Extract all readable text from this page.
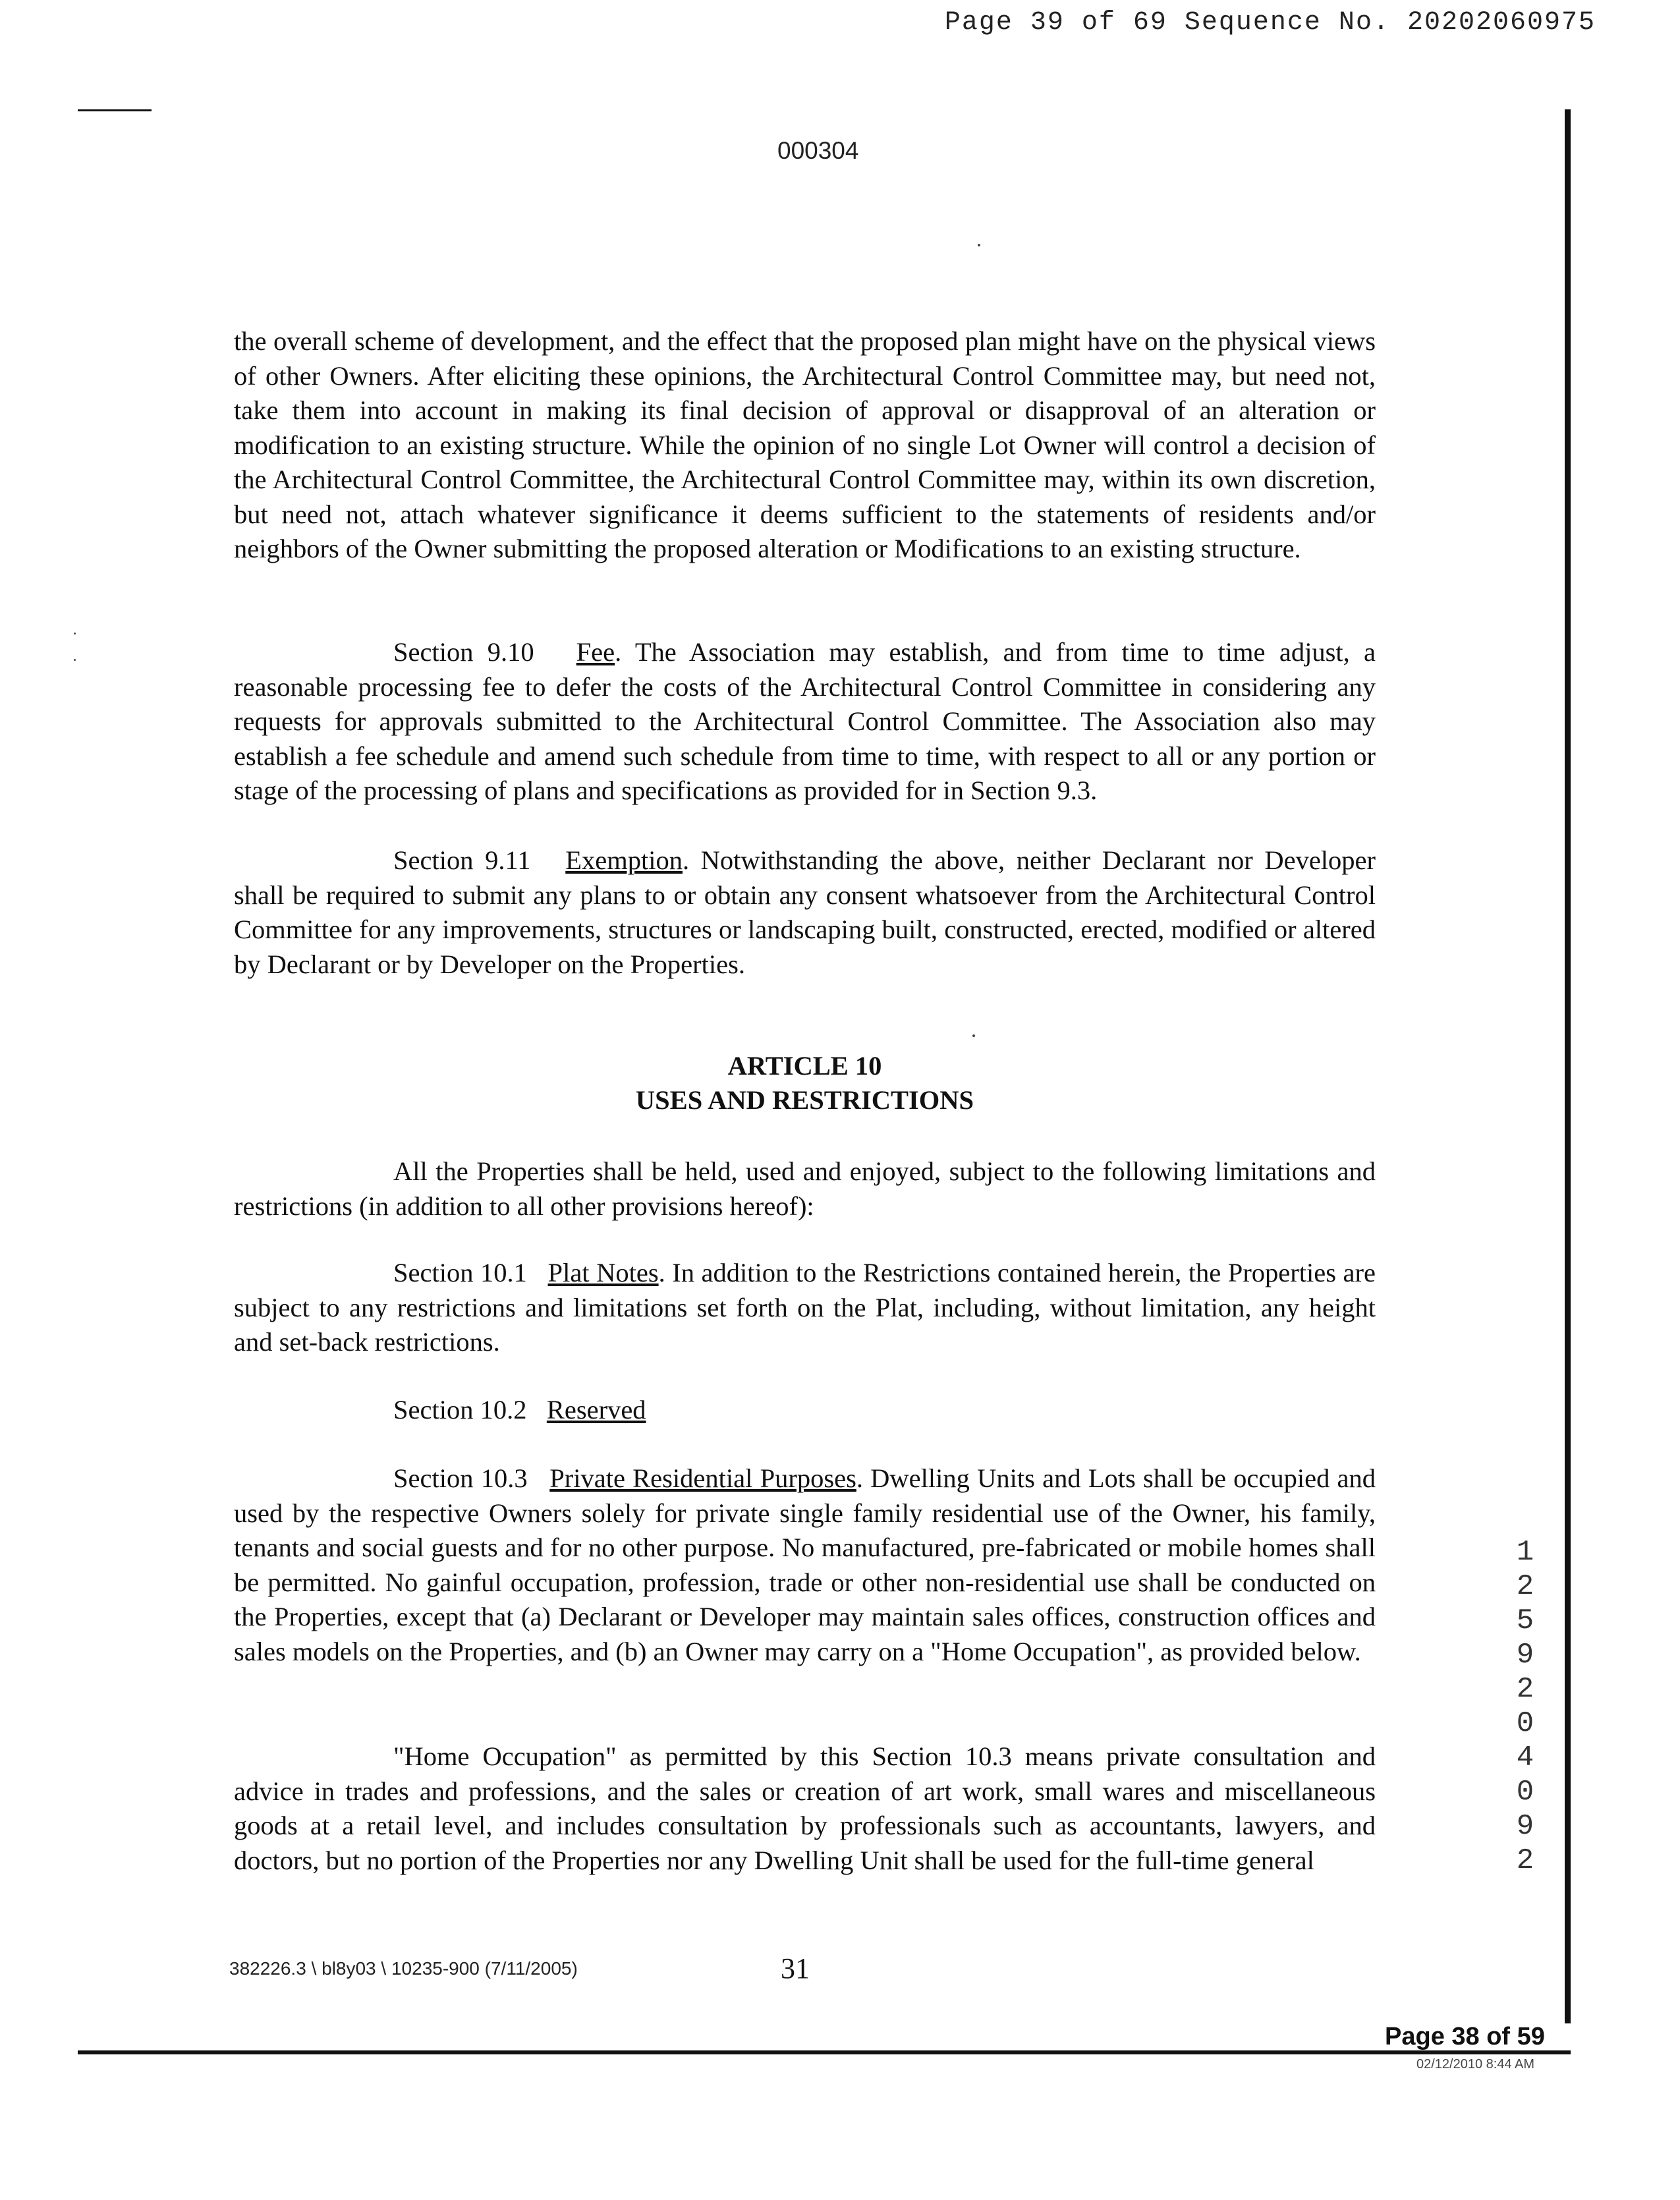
Page 39 of 69 Sequence No. 20202060975
000304
the overall scheme of development, and the effect that the proposed plan might have on the physical views of other Owners. After eliciting these opinions, the Architectural Control Committee may, but need not, take them into account in making its final decision of approval or disapproval of an alteration or modification to an existing structure. While the opinion of no single Lot Owner will control a decision of the Architectural Control Committee, the Architectural Control Committee may, within its own discretion, but need not, attach whatever significance it deems sufficient to the statements of residents and/or neighbors of the Owner submitting the proposed alteration or Modifications to an existing structure.
Section 9.10 Fee. The Association may establish, and from time to time adjust, a reasonable processing fee to defer the costs of the Architectural Control Committee in considering any requests for approvals submitted to the Architectural Control Committee. The Association also may establish a fee schedule and amend such schedule from time to time, with respect to all or any portion or stage of the processing of plans and specifications as provided for in Section 9.3.
Section 9.11 Exemption. Notwithstanding the above, neither Declarant nor Developer shall be required to submit any plans to or obtain any consent whatsoever from the Architectural Control Committee for any improvements, structures or landscaping built, constructed, erected, modified or altered by Declarant or by Developer on the Properties.
ARTICLE 10
USES AND RESTRICTIONS
All the Properties shall be held, used and enjoyed, subject to the following limitations and restrictions (in addition to all other provisions hereof):
Section 10.1 Plat Notes. In addition to the Restrictions contained herein, the Properties are subject to any restrictions and limitations set forth on the Plat, including, without limitation, any height and set-back restrictions.
Section 10.2 Reserved
Section 10.3 Private Residential Purposes. Dwelling Units and Lots shall be occupied and used by the respective Owners solely for private single family residential use of the Owner, his family, tenants and social guests and for no other purpose. No manufactured, pre-fabricated or mobile homes shall be permitted. No gainful occupation, profession, trade or other non-residential use shall be conducted on the Properties, except that (a) Declarant or Developer may maintain sales offices, construction offices and sales models on the Properties, and (b) an Owner may carry on a "Home Occupation", as provided below.
"Home Occupation" as permitted by this Section 10.3 means private consultation and advice in trades and professions, and the sales or creation of art work, small wares and miscellaneous goods at a retail level, and includes consultation by professionals such as accountants, lawyers, and doctors, but no portion of the Properties nor any Dwelling Unit shall be used for the full-time general
1 2 5 9 2 0 4 0 9 2
382226.3 \ bl8y03 \ 10235-900 (7/11/2005)	31
Page 38 of 59
02/12/2010 8:44 AM
